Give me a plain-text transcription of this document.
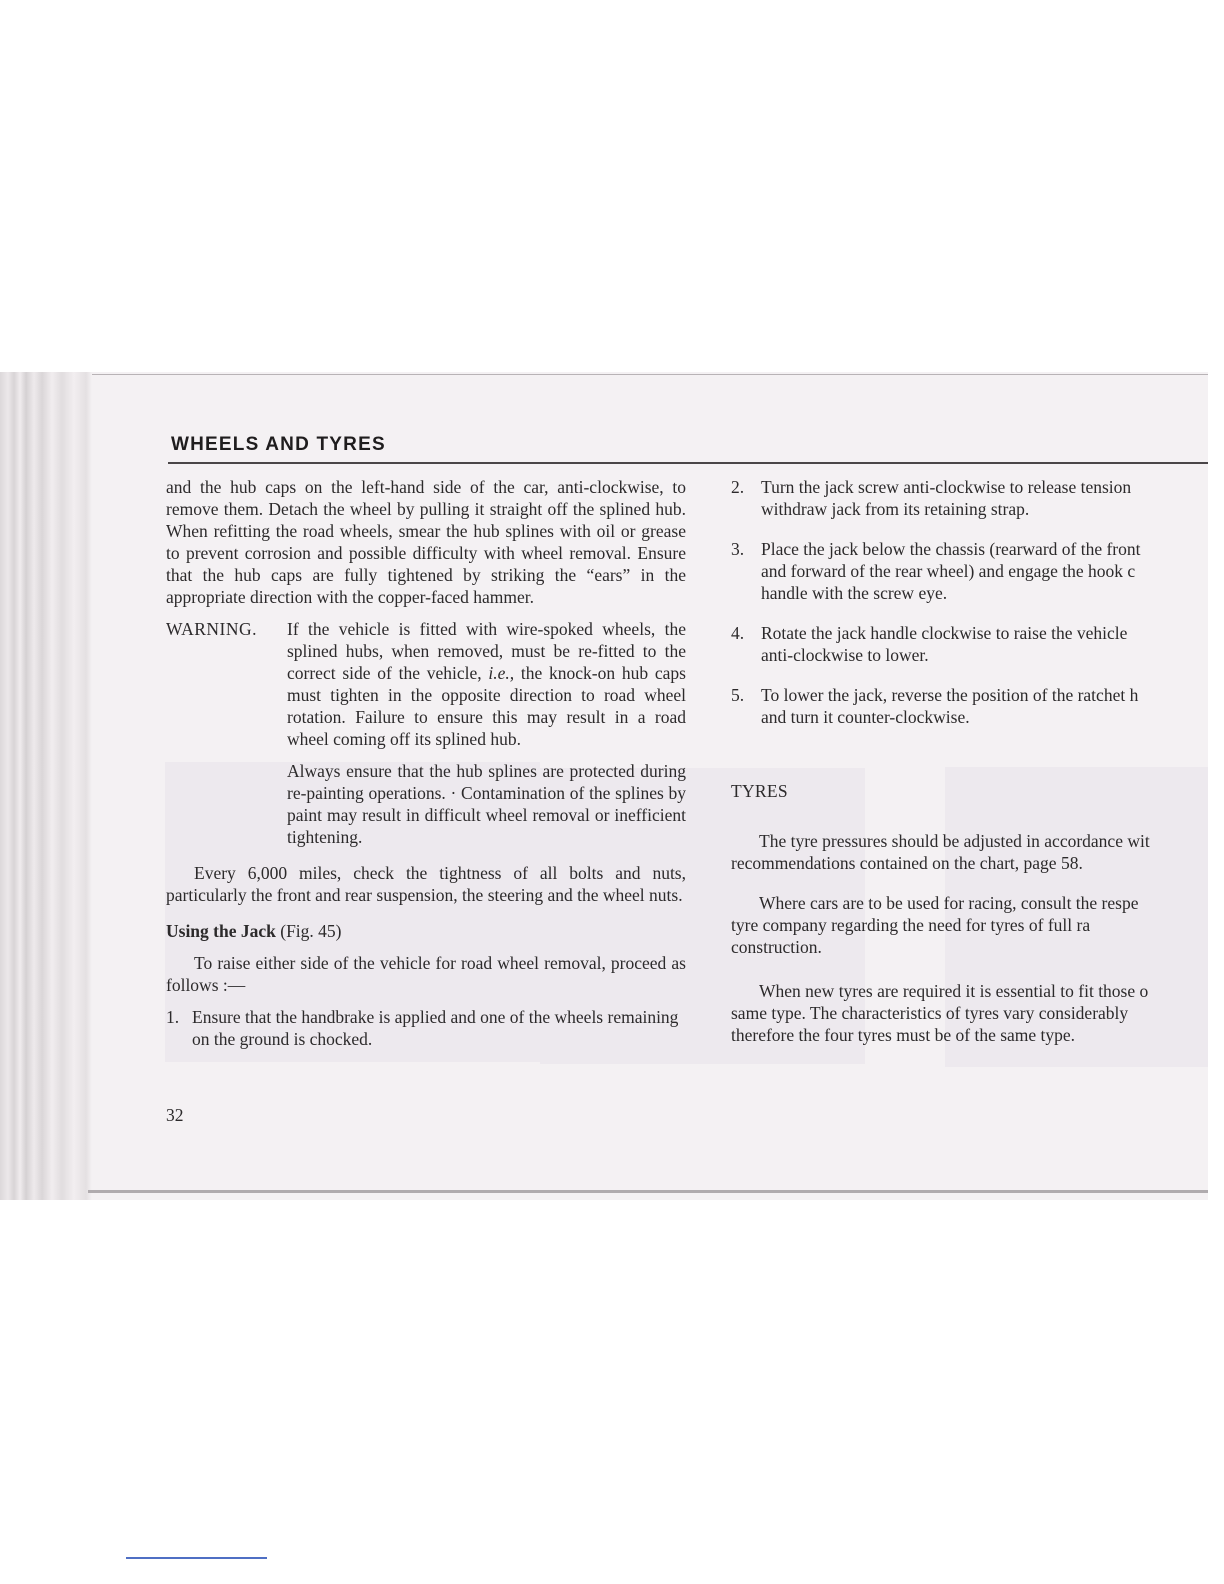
WHEELS AND TYRES

and the hub caps on the left-hand side of the car, anti-clockwise, to remove them. Detach the wheel by pulling it straight off the splined hub. When refitting the road wheels, smear the hub splines with oil or grease to prevent corrosion and possible difficulty with wheel removal. Ensure that the hub caps are fully tightened by striking the “ears” in the appropriate direction with the copper-faced hammer.

WARNING.	If the vehicle is fitted with wire-spoked wheels, the splined hubs, when removed, must be re-fitted to the correct side of the vehicle, i.e., the knock-on hub caps must tighten in the opposite direction to road wheel rotation. Failure to ensure this may result in a road wheel coming off its splined hub.

Always ensure that the hub splines are protected during re-painting operations. · Contamination of the splines by paint may result in difficult wheel removal or inefficient tightening.

Every 6,000 miles, check the tightness of all bolts and nuts, particularly the front and rear suspension, the steering and the wheel nuts.

Using the Jack (Fig. 45)

To raise either side of the vehicle for road wheel removal, proceed as follows :—

1. Ensure that the handbrake is applied and one of the wheels remaining on the ground is chocked.
2. Turn the jack screw anti-clockwise to release tension
withdraw jack from its retaining strap.
3. Place the jack below the chassis (rearward of the front
and forward of the rear wheel) and engage the hook c
handle with the screw eye.
4. Rotate the jack handle clockwise to raise the vehicle
anti-clockwise to lower.
5. To lower the jack, reverse the position of the ratchet h
and turn it counter-clockwise.
TYRES
The tyre pressures should be adjusted in accordance wit
recommendations contained on the chart, page 58.
Where cars are to be used for racing, consult the respe
tyre company regarding the need for tyres of full ra
construction.
When new tyres are required it is essential to fit those o
same type. The characteristics of tyres vary considerably
therefore the four tyres must be of the same type.
32
